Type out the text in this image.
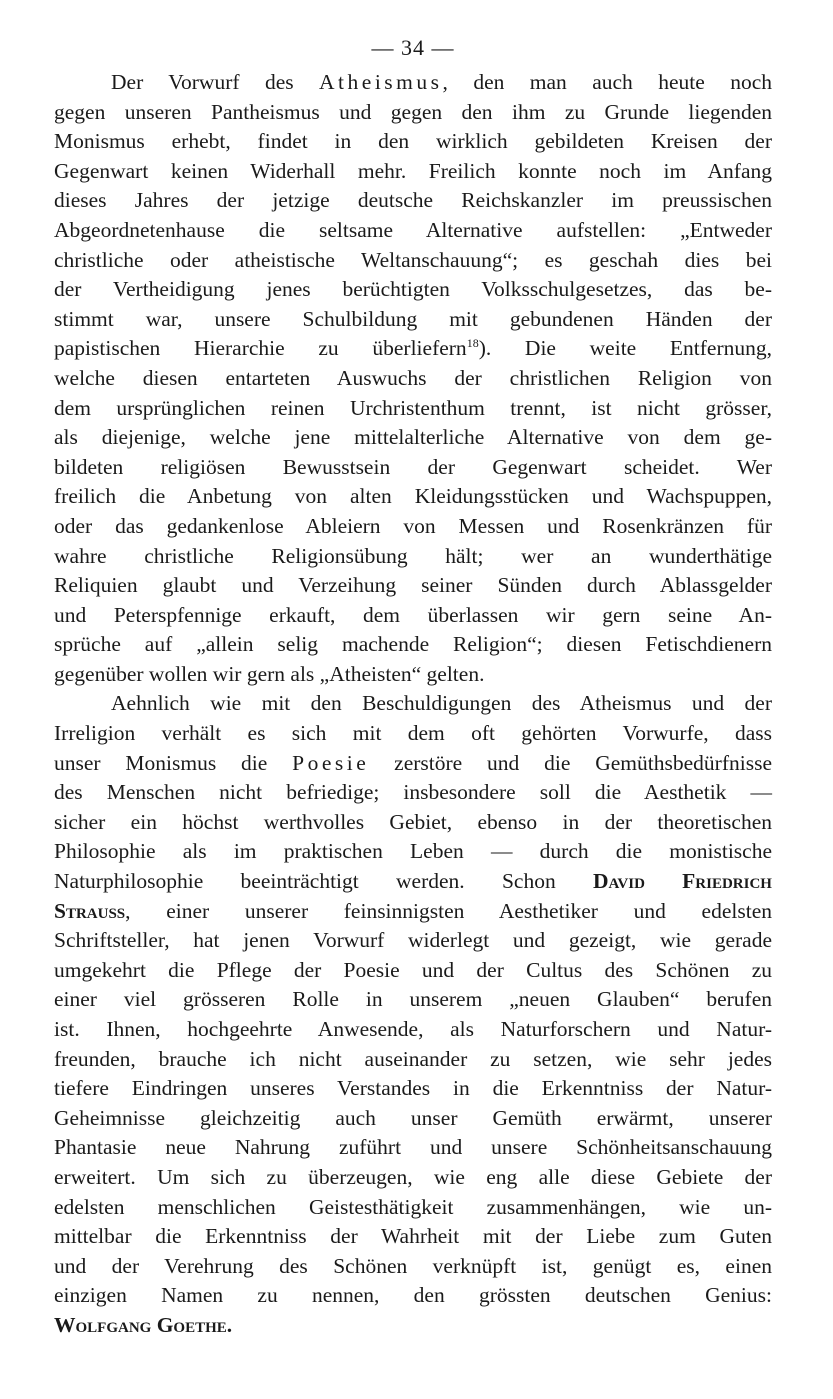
— 34 —
Der Vorwurf des Atheismus, den man auch heute noch
gegen unseren Pantheismus und gegen den ihm zu Grunde liegenden
Monismus erhebt, findet in den wirklich gebildeten Kreisen der
Gegenwart keinen Widerhall mehr. Freilich konnte noch im Anfang
dieses Jahres der jetzige deutsche Reichskanzler im preussischen
Abgeordnetenhause die seltsame Alternative aufstellen: „Entweder
christliche oder atheistische Weltanschauung“; es geschah dies bei
der Vertheidigung jenes berüchtigten Volksschulgesetzes, das be-
stimmt war, unsere Schulbildung mit gebundenen Händen der
papistischen Hierarchie zu überliefern$^{18}$). Die weite Entfernung,
welche diesen entarteten Auswuchs der christlichen Religion von
dem ursprünglichen reinen Urchristenthum trennt, ist nicht grösser,
als diejenige, welche jene mittelalterliche Alternative von dem ge-
bildeten religiösen Bewusstsein der Gegenwart scheidet. Wer
freilich die Anbetung von alten Kleidungsstücken und Wachspuppen,
oder das gedankenlose Ableiern von Messen und Rosenkränzen für
wahre christliche Religionsübung hält; wer an wunderthätige
Reliquien glaubt und Verzeihung seiner Sünden durch Ablassgelder
und Peterspfennige erkauft, dem überlassen wir gern seine An-
sprüche auf „allein selig machende Religion“; diesen Fetischdienern
gegenüber wollen wir gern als „Atheisten“ gelten.
Aehnlich wie mit den Beschuldigungen des Atheismus und der
Irreligion verhält es sich mit dem oft gehörten Vorwurfe, dass
unser Monismus die Poesie zerstöre und die Gemüthsbedürfnisse
des Menschen nicht befriedige; insbesondere soll die Aesthetik —
sicher ein höchst werthvolles Gebiet, ebenso in der theoretischen
Philosophie als im praktischen Leben — durch die monistische
Naturphilosophie beeinträchtigt werden. Schon David Friedrich
Strauss, einer unserer feinsinnigsten Aesthetiker und edelsten
Schriftsteller, hat jenen Vorwurf widerlegt und gezeigt, wie gerade
umgekehrt die Pflege der Poesie und der Cultus des Schönen zu
einer viel grösseren Rolle in unserem „neuen Glauben“ berufen
ist. Ihnen, hochgeehrte Anwesende, als Naturforschern und Natur-
freunden, brauche ich nicht auseinander zu setzen, wie sehr jedes
tiefere Eindringen unseres Verstandes in die Erkenntniss der Natur-
Geheimnisse gleichzeitig auch unser Gemüth erwärmt, unserer
Phantasie neue Nahrung zuführt und unsere Schönheitsanschauung
erweitert. Um sich zu überzeugen, wie eng alle diese Gebiete der
edelsten menschlichen Geistesthätigkeit zusammenhängen, wie un-
mittelbar die Erkenntniss der Wahrheit mit der Liebe zum Guten
und der Verehrung des Schönen verknüpft ist, genügt es, einen
einzigen Namen zu nennen, den grössten deutschen Genius:
Wolfgang Goethe.
